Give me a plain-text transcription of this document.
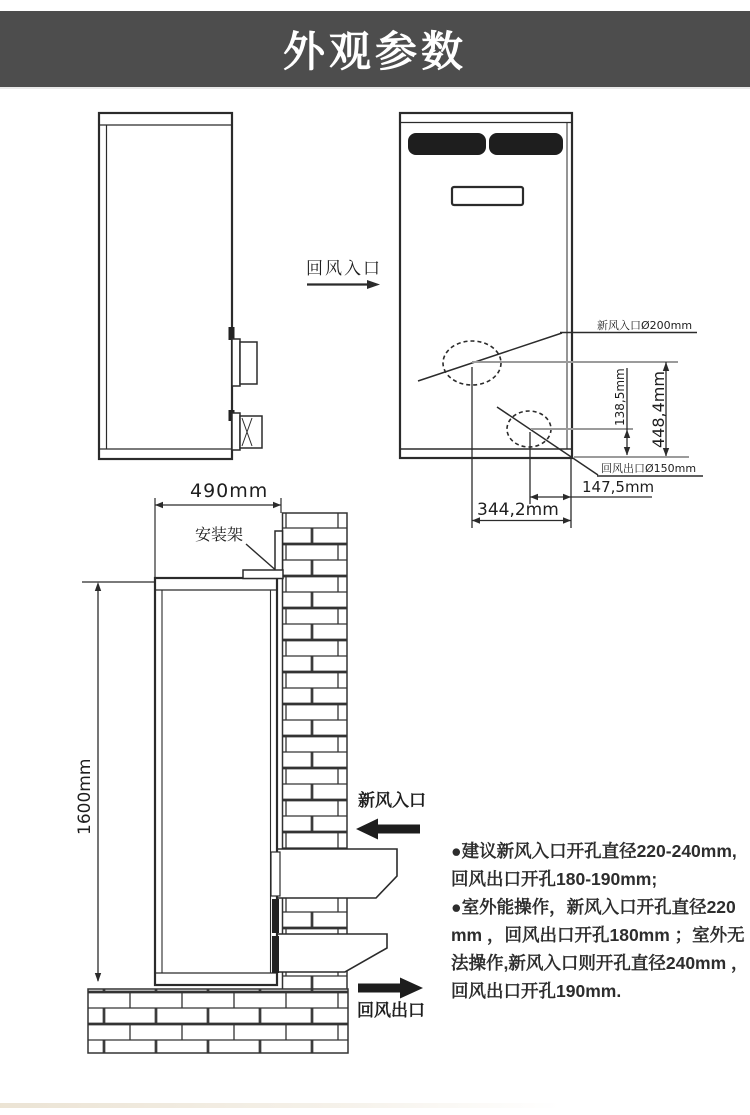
外观参数
新风入口Ø200mm
回风出口Ø150mm
138,5mm 448,4mm
147,5mm
344,2mm
回风入口
490mm
安装架
1600mm	新风入口
回风出口
●建议新风入口开孔直径220-240mm,
回风出口开孔180-190mm;
●室外能操作，新风入口开孔直径220
mm ，回风出口开孔180mm ；室外无
法操作,新风入口则开孔直径240mm ，
回风出口开孔190mm.
